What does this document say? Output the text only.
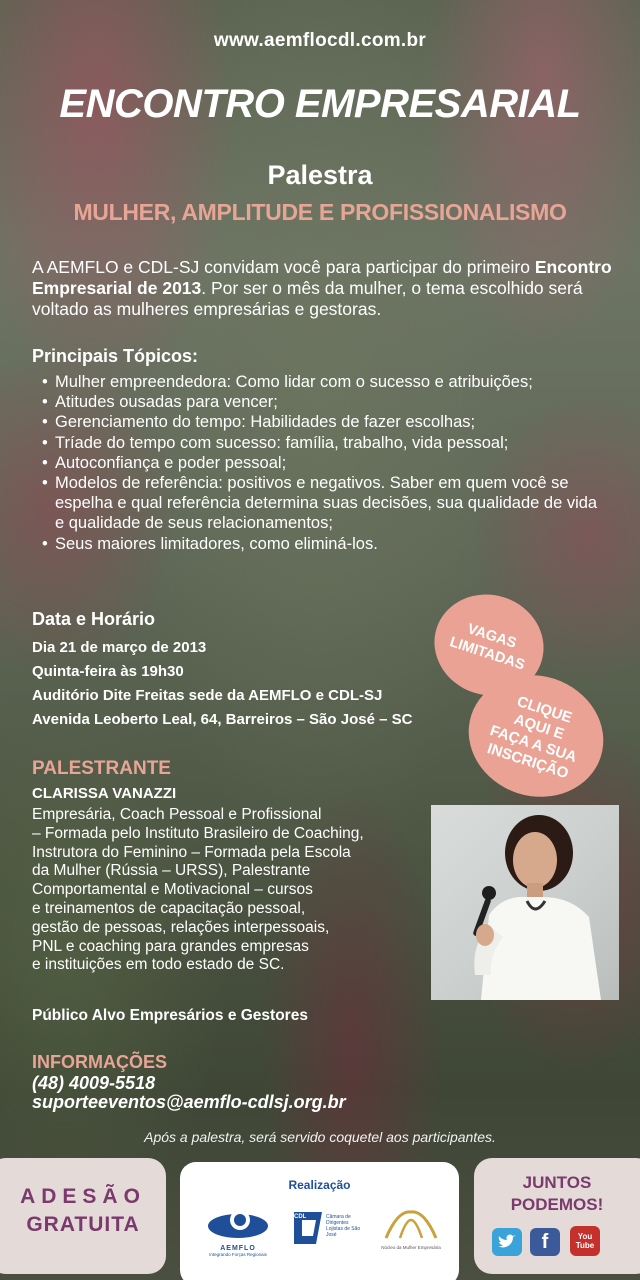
www.aemflocdl.com.br
ENCONTRO EMPRESARIAL
Palestra
MULHER, AMPLITUDE E PROFISSIONALISMO

A AEMFLO e CDL-SJ convidam você para participar do primeiro Encontro Empresarial de 2013. Por ser o mês da mulher, o tema escolhido será voltado as mulheres empresárias e gestoras.

Principais Tópicos:
• Mulher empreendedora: Como lidar com o sucesso e atribuições;
• Atitudes ousadas para vencer;
• Gerenciamento do tempo: Habilidades de fazer escolhas;
• Tríade do tempo com sucesso: família, trabalho, vida pessoal;
• Autoconfiança e poder pessoal;
• Modelos de referência: positivos e negativos. Saber em quem você se espelha e qual referência determina suas decisões, sua qualidade de vida e qualidade de seus relacionamentos;
• Seus maiores limitadores, como eliminá-los.
Data e Horário
Dia 21 de março de 2013
Quinta-feira às 19h30
Auditório Dite Freitas sede da AEMFLO e CDL-SJ
Avenida Leoberto Leal, 64, Barreiros – São José – SC
VAGAS LIMITADAS
CLIQUE AQUI E FAÇA A SUA INSCRIÇÃO
PALESTRANTE
CLARISSA VANAZZI
Empresária, Coach Pessoal e Profissional
– Formada pelo Instituto Brasileiro de Coaching,
Instrutora do Feminino – Formada pela Escola
da Mulher (Rússia – URSS), Palestrante
Comportamental e Motivacional – cursos
e treinamentos de capacitação pessoal,
gestão de pessoas, relações interpessoais,
PNL e coaching para grandes empresas
e instituições em todo estado de SC.
Público Alvo Empresários e Gestores
INFORMAÇÕES
(48) 4009-5518
suporteeventos@aemflo-cdlsj.org.br
Após a palestra, será servido coquetel aos participantes.
ADESÃO
GRATUITA
Realização
AEMFLO
Integrando Forças Regionais
CDL	Câmara de Dirigentes Lojistas de São José
Núcleo da Mulher Empresária
JUNTOS
PODEMOS!
f	You
Tube
